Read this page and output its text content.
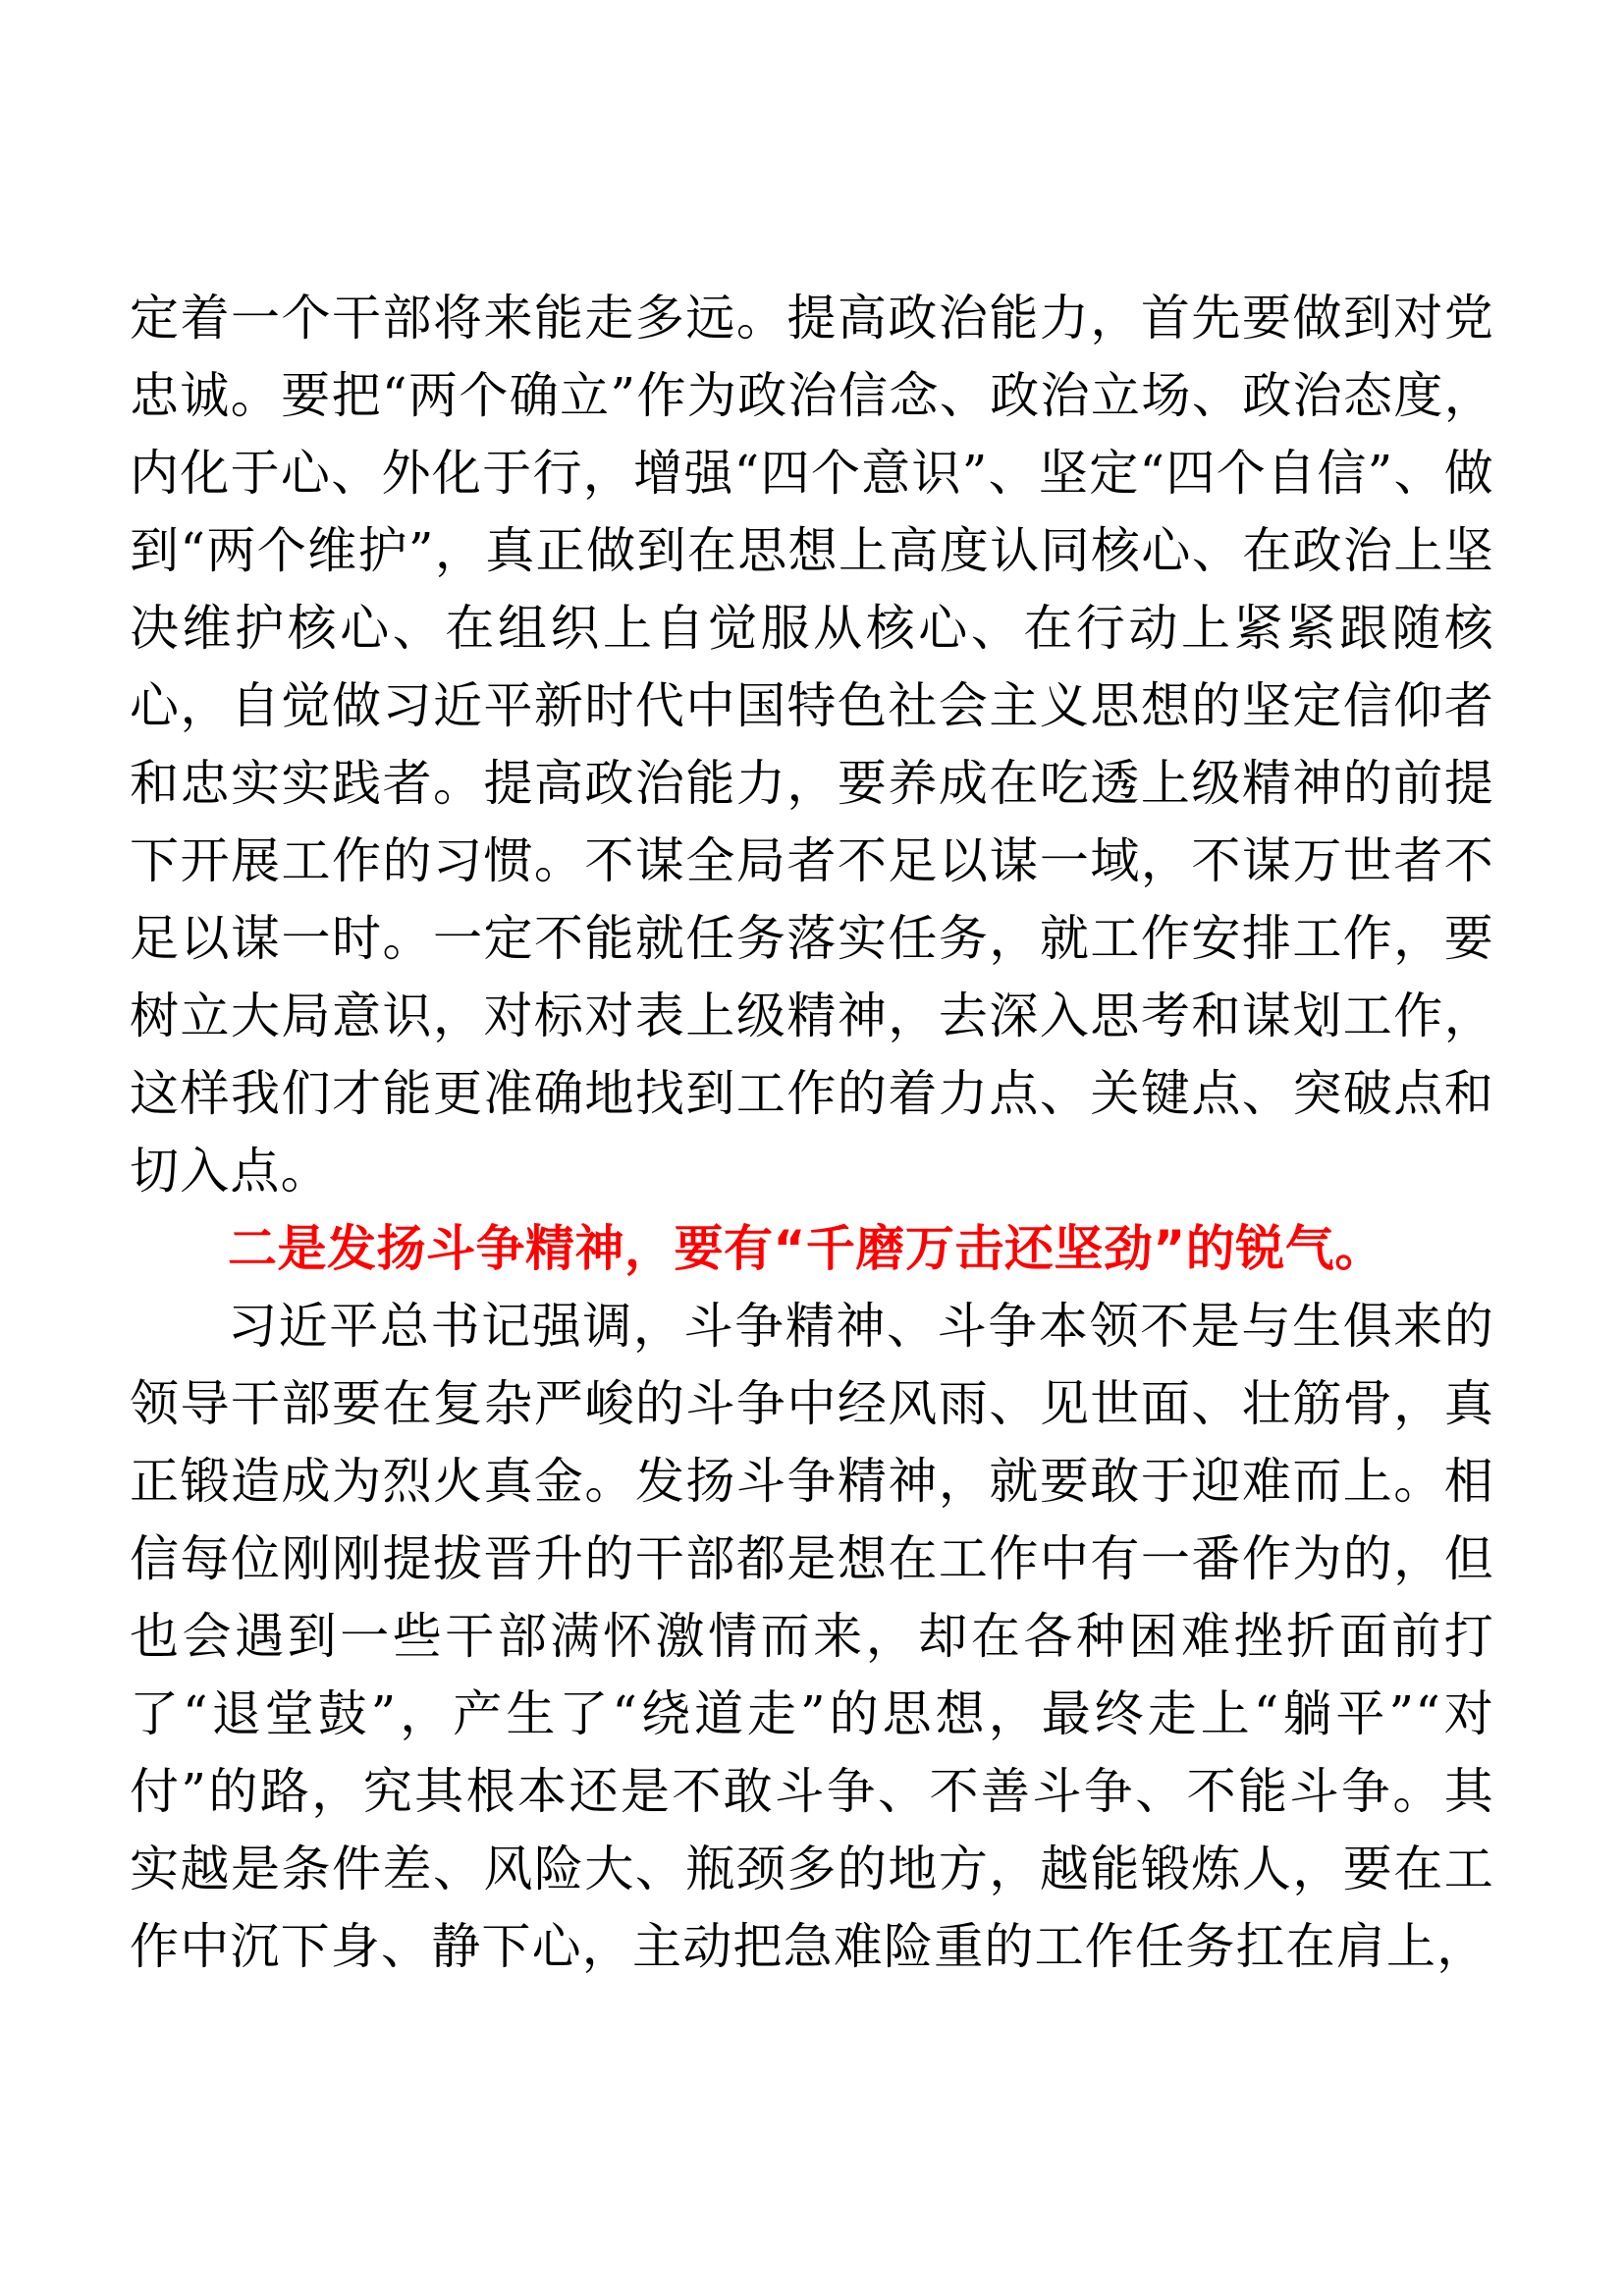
定着一个干部将来能走多远。提高政治能力，首先要做到对党忠诚。要把“两个确立”作为政治信念、政治立场、政治态度，内化于心、外化于行，增强“四个意识”、坚定“四个自信”、做到“两个维护”，真正做到在思想上高度认同核心、在政治上坚决维护核心、在组织上自觉服从核心、在行动上紧紧跟随核心，自觉做习近平新时代中国特色社会主义思想的坚定信仰者和忠实实践者。提高政治能力，要养成在吃透上级精神的前提下开展工作的习惯。不谋全局者不足以谋一域，不谋万世者不足以谋一时。一定不能就任务落实任务，就工作安排工作，要树立大局意识，对标对表上级精神，去深入思考和谋划工作，这样我们才能更准确地找到工作的着力点、关键点、突破点和切入点。

二是发扬斗争精神，要有“千磨万击还坚劲”的锐气。

习近平总书记强调，斗争精神、斗争本领不是与生俱来的领导干部要在复杂严峻的斗争中经风雨、见世面、壮筋骨，真正锻造成为烈火真金。发扬斗争精神，就要敢于迎难而上。相信每位刚刚提拔晋升的干部都是想在工作中有一番作为的，但也会遇到一些干部满怀激情而来，却在各种困难挫折面前打了“退堂鼓”，产生了“绕道走”的思想，最终走上“躺平”“对付”的路，究其根本还是不敢斗争、不善斗争、不能斗争。其实越是条件差、风险大、瓶颈多的地方，越能锻炼人，要在工作中沉下身、静下心，主动把急难险重的工作任务扛在肩上，
